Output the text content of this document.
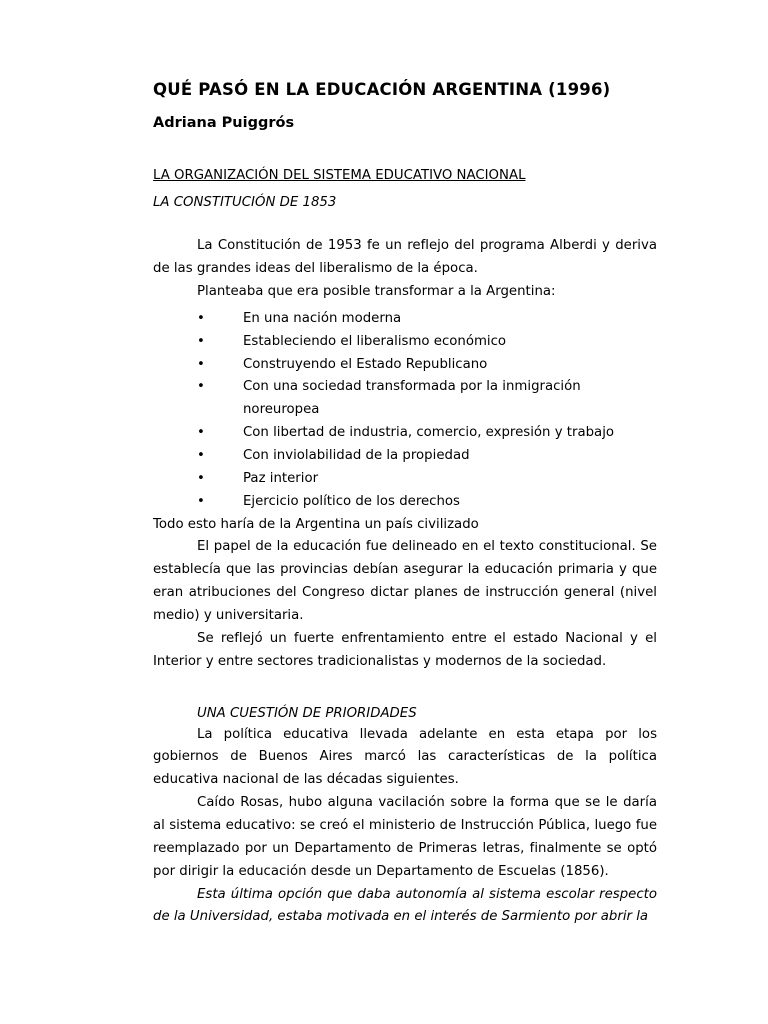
QUÉ PASÓ EN LA EDUCACIÓN ARGENTINA (1996)
Adriana Puiggrós
LA ORGANIZACIÓN DEL SISTEMA EDUCATIVO NACIONAL
LA CONSTITUCIÓN DE 1853

La Constitución de 1953 fe un reflejo del programa Alberdi y deriva de las grandes ideas del liberalismo de la época.

Planteaba que era posible transformar a la Argentina:

•	En una nación moderna
•	Estableciendo el liberalismo económico
•	Construyendo el Estado Republicano
•	Con una sociedad transformada por la inmigración noreuropea
•	Con libertad de industria, comercio, expresión y trabajo
•	Con inviolabilidad de la propiedad
•	Paz interior
•	Ejercicio político de los derechos

Todo esto haría de la Argentina un país civilizado

El papel de la educación fue delineado en el texto constitucional. Se establecía que las provincias debían asegurar la educación primaria y que eran atribuciones del Congreso dictar planes de instrucción general (nivel medio) y universitaria.

Se reflejó un fuerte enfrentamiento entre el estado Nacional y el Interior y entre sectores tradicionalistas y modernos de la sociedad.

UNA CUESTIÓN DE PRIORIDADES

La política educativa llevada adelante en esta etapa por los gobiernos de Buenos Aires marcó las características de la política educativa nacional de las décadas siguientes.

Caído Rosas, hubo alguna vacilación sobre la forma que se le daría al sistema educativo: se creó el ministerio de Instrucción Pública, luego fue reemplazado por un Departamento de Primeras letras, finalmente se optó por dirigir la educación desde un Departamento de Escuelas (1856).

Esta última opción que daba autonomía al sistema escolar respecto de la Universidad, estaba motivada en el interés de Sarmiento por abrir la
